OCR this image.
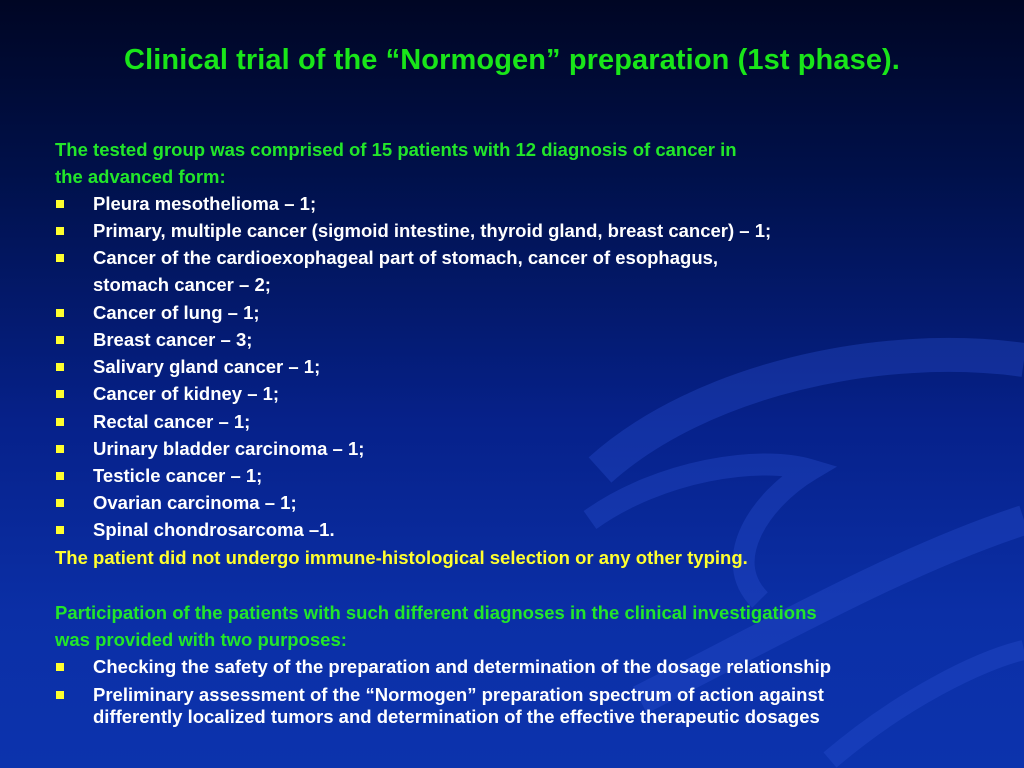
Clinical trial of the “Normogen” preparation (1st phase).
The tested group was comprised of 15 patients with 12 diagnosis of cancer in
the advanced form:
Pleura mesothelioma – 1;
Primary, multiple cancer (sigmoid intestine, thyroid gland, breast cancer) – 1;
Cancer of the cardioexophageal part of stomach, cancer of esophagus,
stomach cancer – 2;
Cancer of lung – 1;
Breast cancer – 3;
Salivary gland cancer – 1;
Cancer of kidney – 1;
Rectal cancer – 1;
Urinary bladder carcinoma – 1;
Testicle cancer – 1;
Ovarian carcinoma – 1;
Spinal chondrosarcoma –1.
The patient did not undergo immune-histological selection or any other typing.
Participation of the patients with such different diagnoses in the clinical investigations
was provided with two purposes:
Checking the safety of the preparation and determination of the dosage relationship
Preliminary assessment of the “Normogen” preparation spectrum of action against
differently localized tumors and determination of the effective therapeutic dosages
